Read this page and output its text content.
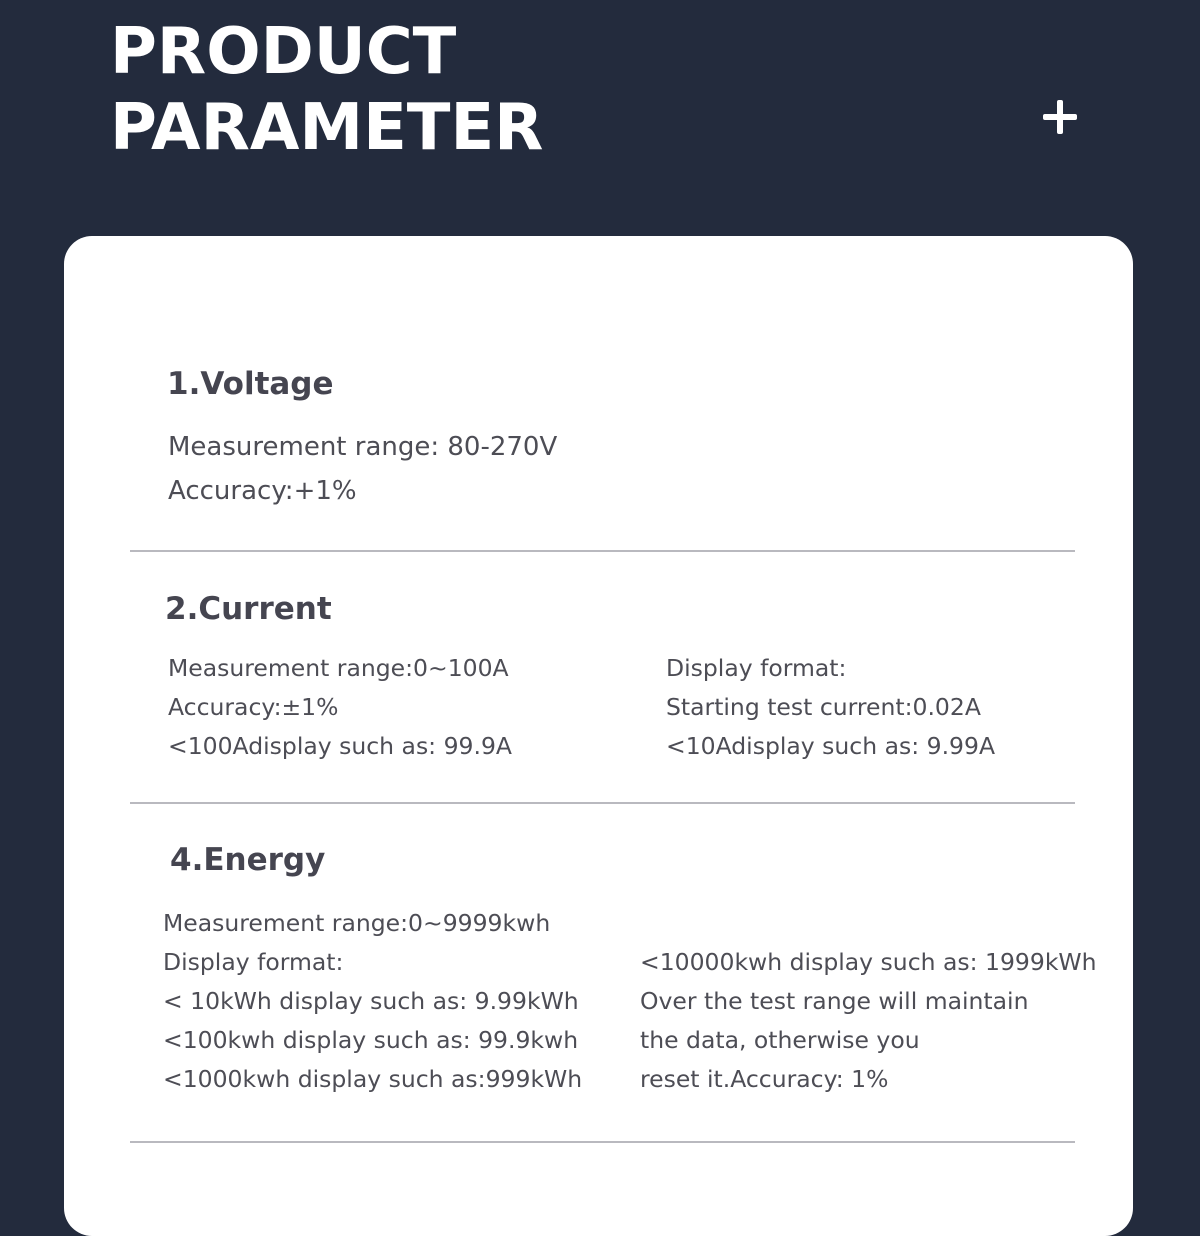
PRODUCT
PARAMETER

1.Voltage

Measurement range: 80-270V

Accuracy:+1%

2.Current

Measurement range:0~100A

Accuracy:±1%

<100Adisplay such as: 99.9A

Display format:

Starting test current:0.02A

<10Adisplay such as: 9.99A

4.Energy

Measurement range:0~9999kwh

Display format:

< 10kWh display such as: 9.99kWh

<100kwh display such as: 99.9kwh

<1000kwh display such as:999kWh

<10000kwh display such as: 1999kWh

Over the test range will maintain

the data, otherwise you

reset it.Accuracy: 1%
